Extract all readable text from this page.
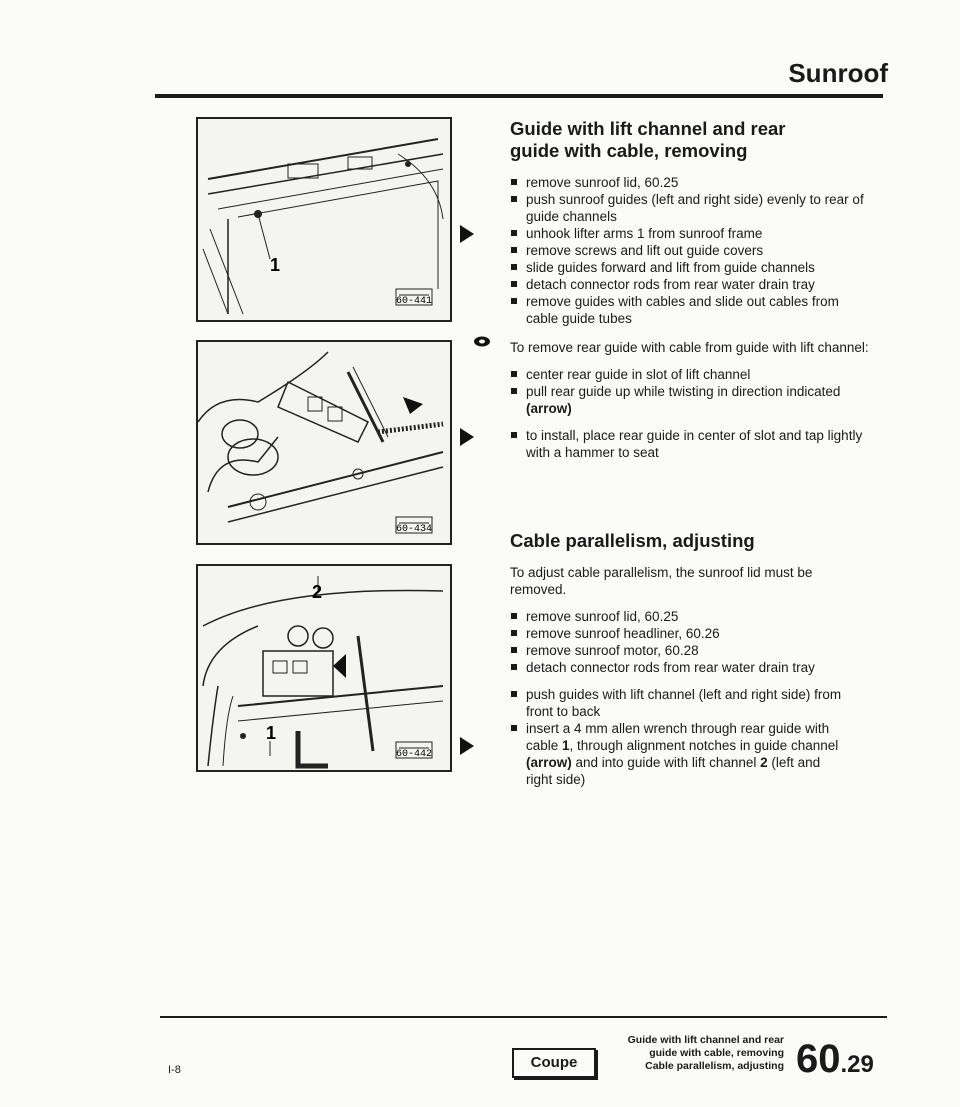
Sunroof
60-441
1
60-434
60-442
1
2
Guide with lift channel and rear
guide with cable, removing
remove sunroof lid, 60.25
push sunroof guides (left and right side) evenly to rear of guide channels
unhook lifter arms 1 from sunroof frame
remove screws and lift out guide covers
slide guides forward and lift from guide channels
detach connector rods from rear water drain tray
remove guides with cables and slide out cables from cable guide tubes

To remove rear guide with cable from guide with lift channel:

center rear guide in slot of lift channel
pull rear guide up while twisting in direction indicated (arrow)
to install, place rear guide in center of slot and tap lightly with a hammer to seat
Cable parallelism, adjusting

To adjust cable parallelism, the sunroof lid must be removed.

remove sunroof lid, 60.25
remove sunroof headliner, 60.26
remove sunroof motor, 60.28
detach connector rods from rear water drain tray
push guides with lift channel (left and right side) from front to back
insert a 4 mm allen wrench through rear guide with cable 1, through alignment notches in guide channel (arrow) and into guide with lift channel 2 (left and right side)
I-8	Coupe
Guide with lift channel and rear
guide with cable, removing
Cable parallelism, adjusting 60.29
